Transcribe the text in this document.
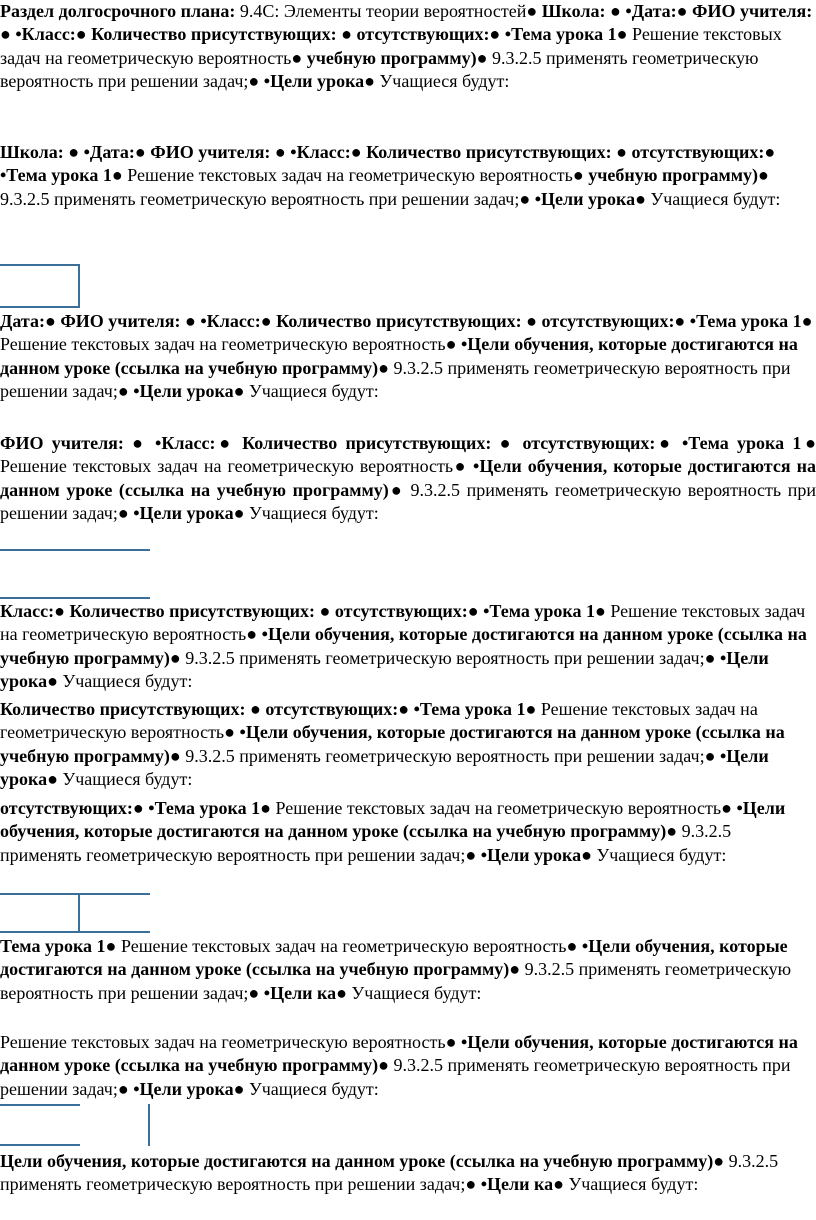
Раздел долгосрочного плана: 9.4С: Элементы теории вероятностей● Школа: ● •Дата:● ФИО учителя: ● •Класс:● Количество присутствующих: ● отсутствующих:● •Тема урока 1● Решение текстовых задач на геометрическую вероятность● учебную программу)● 9.3.2.5 применять геометрическую вероятность при решении задач;● •Цели урока● Учащиеся будут:
Школа: ● •Дата:● ФИО учителя: ● •Класс:● Количество присутствующих: ● отсутствующих:● •Тема урока 1● Решение текстовых задач на геометрическую вероятность● учебную программу)● 9.3.2.5 применять геометрическую вероятность при решении задач;● •Цели урока● Учащиеся будут:
Дата:● ФИО учителя: ● •Класс:● Количество присутствующих: ● отсутствующих:● •Тема урока 1● Решение текстовых задач на геометрическую вероятность● •Цели обучения, которые достигаются на данном уроке (ссылка на учебную программу)● 9.3.2.5 применять геометрическую вероятность при решении задач;● •Цели урока● Учащиеся будут:
ФИО учителя: ● •Класс:● Количество присутствующих: ● отсутствующих:● •Тема урока 1● Решение текстовых задач на геометрическую вероятность● •Цели обучения, которые достигаются на данном уроке (ссылка на учебную программу)● 9.3.2.5 применять геометрическую вероятность при решении задач;● •Цели урока● Учащиеся будут:
Класс:● Количество присутствующих: ● отсутствующих:● •Тема урока 1● Решение текстовых задач на геометрическую вероятность● •Цели обучения, которые достигаются на данном уроке (ссылка на учебную программу)● 9.3.2.5 применять геометрическую вероятность при решении задач;● •Цели урока● Учащиеся будут:
Количество присутствующих: ● отсутствующих:● •Тема урока 1● Решение текстовых задач на геометрическую вероятность● •Цели обучения, которые достигаются на данном уроке (ссылка на учебную программу)● 9.3.2.5 применять геометрическую вероятность при решении задач;● •Цели урока● Учащиеся будут:
отсутствующих:● •Тема урока 1● Решение текстовых задач на геометрическую вероятность● •Цели обучения, которые достигаются на данном уроке (ссылка на учебную программу)● 9.3.2.5 применять геометрическую вероятность при решении задач;● •Цели урока● Учащиеся будут:
Тема урока 1● Решение текстовых задач на геометрическую вероятность● •Цели обучения, которые достигаются на данном уроке (ссылка на учебную программу)● 9.3.2.5 применять геометрическую вероятность при решении задач;● •Цели ка● Учащиеся будут:
Решение текстовых задач на геометрическую вероятность● •Цели обучения, которые достигаются на данном уроке (ссылка на учебную программу)● 9.3.2.5 применять геометрическую вероятность при решении задач;● •Цели урока● Учащиеся будут:
Цели обучения, которые достигаются на данном уроке (ссылка на учебную программу)● 9.3.2.5 применять геометрическую вероятность при решении задач;● •Цели ка● Учащиеся будут:
